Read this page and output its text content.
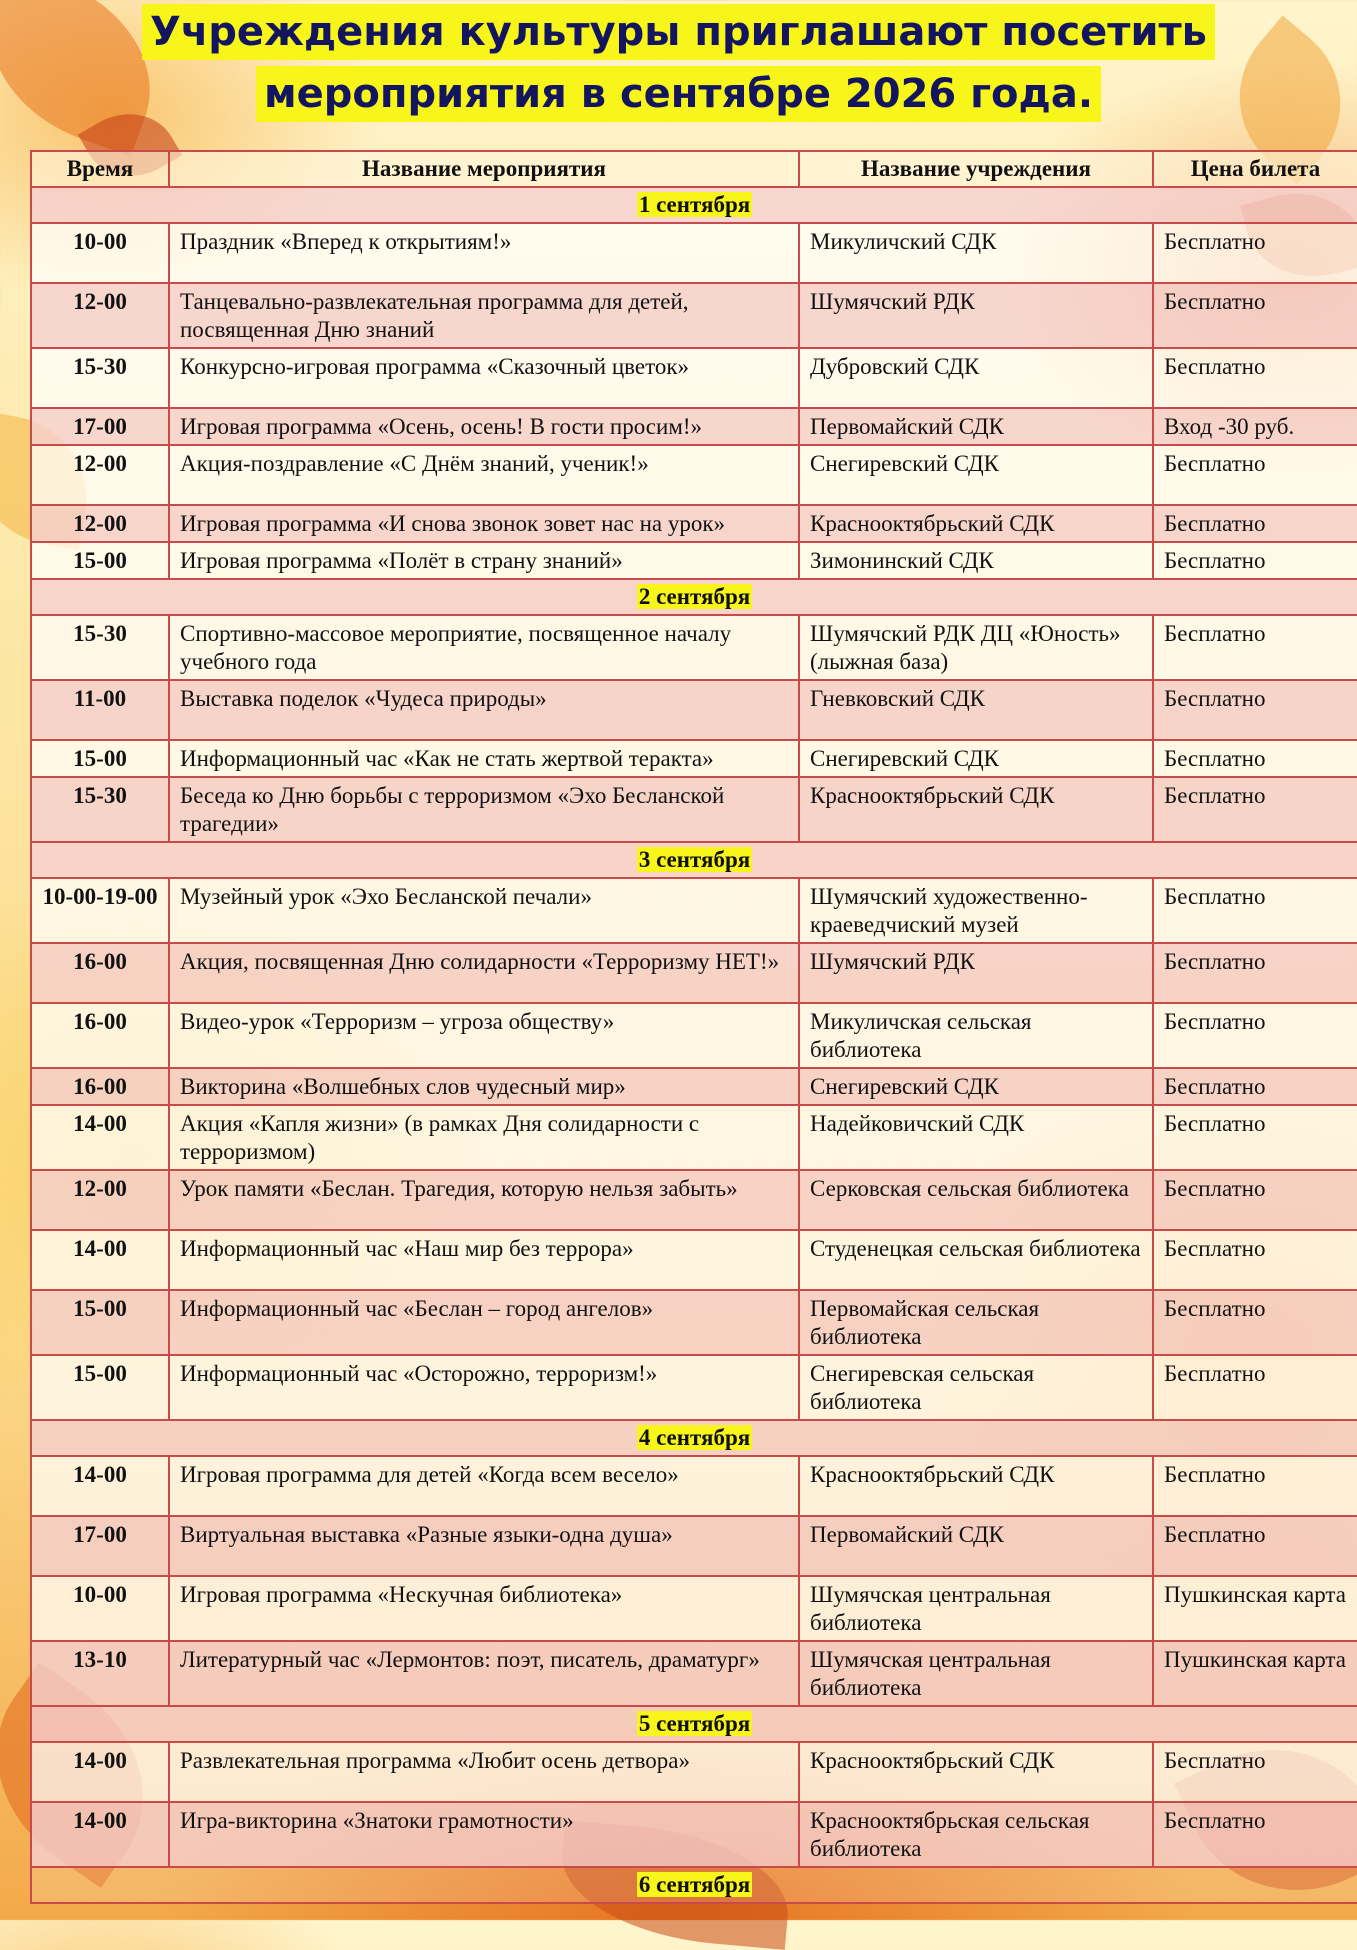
Учреждения культуры приглашают посетить
мероприятия в сентябре 2026 года.
Время	Название мероприятия	Название учреждения	Цена билета
1 сентября			
10-00	Праздник «Вперед к открытиям!»	Микуличский СДК	Бесплатно
12-00	Танцевально-развлекательная программа для детей, посвященная Дню знаний	Шумячский РДК	Бесплатно
15-30	Конкурсно-игровая программа «Сказочный цветок»	Дубровский СДК	Бесплатно
17-00	Игровая программа «Осень, осень! В гости просим!»	Первомайский СДК	Вход -30 руб.
12-00	Акция-поздравление «С Днём знаний, ученик!»	Снегиревский СДК	Бесплатно
12-00	Игровая программа «И снова звонок зовет нас на урок»	Краснооктябрьский СДК	Бесплатно
15-00	Игровая программа «Полёт в страну знаний»	Зимонинский СДК	Бесплатно
2 сентября			
15-30	Спортивно-массовое мероприятие, посвященное началу учебного года	Шумячский РДК ДЦ «Юность» (лыжная база)	Бесплатно
11-00	Выставка поделок «Чудеса природы»	Гневковский СДК	Бесплатно
15-00	Информационный час «Как не стать жертвой теракта»	Снегиревский СДК	Бесплатно
15-30	Беседа ко Дню борьбы с терроризмом «Эхо Бесланской трагедии»	Краснооктябрьский СДК	Бесплатно
3 сентября			
10-00-19-00	Музейный урок «Эхо Бесланской печали»	Шумячский художественно-краеведчиский музей	Бесплатно
16-00	Акция, посвященная Дню солидарности «Терроризму НЕТ!»	Шумячский РДК	Бесплатно
16-00	Видео-урок «Терроризм – угроза обществу»	Микуличская сельская библиотека	Бесплатно
16-00	Викторина «Волшебных слов чудесный мир»	Снегиревский СДК	Бесплатно
14-00	Акция «Капля жизни» (в рамках Дня солидарности с терроризмом)	Надейковичский СДК	Бесплатно
12-00	Урок памяти «Беслан. Трагедия, которую нельзя забыть»	Серковская сельская библиотека	Бесплатно
14-00	Информационный час «Наш мир без террора»	Студенецкая сельская библиотека	Бесплатно
15-00	Информационный час «Беслан – город ангелов»	Первомайская сельская библиотека	Бесплатно
15-00	Информационный час «Осторожно, терроризм!»	Снегиревская сельская библиотека	Бесплатно
4 сентября			
14-00	Игровая программа для детей «Когда всем весело»	Краснооктябрьский СДК	Бесплатно
17-00	Виртуальная выставка «Разные языки-одна душа»	Первомайский СДК	Бесплатно
10-00	Игровая программа «Нескучная библиотека»	Шумячская центральная библиотека	Пушкинская карта
13-10	Литературный час «Лермонтов: поэт, писатель, драматург»	Шумячская центральная библиотека	Пушкинская карта
5 сентября			
14-00	Развлекательная программа «Любит осень детвора»	Краснооктябрьский СДК	Бесплатно
14-00	Игра-викторина «Знатоки грамотности»	Краснооктябрьская сельская библиотека	Бесплатно
6 сентября			
